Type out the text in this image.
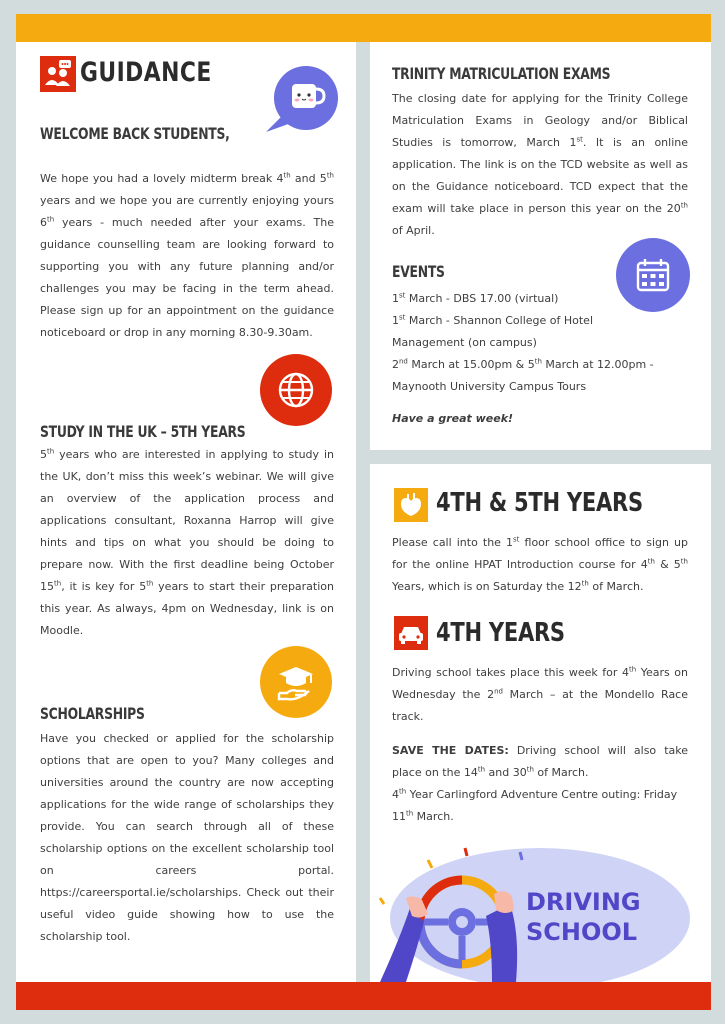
GUIDANCE
WELCOME BACK STUDENTS,
We hope you had a lovely midterm break 4th and 5th years and we hope you are currently enjoying yours 6th years - much needed after your exams. The guidance counselling team are looking forward to supporting you with any future planning and/or challenges you may be facing in the term ahead. Please sign up for an appointment on the guidance noticeboard or drop in any morning 8.30-9.30am.
STUDY IN THE UK – 5TH YEARS
5th years who are interested in applying to study in the UK, don’t miss this week’s webinar. We will give an overview of the application process and applications consultant, Roxanna Harrop will give hints and tips on what you should be doing to prepare now. With the first deadline being October 15th, it is key for 5th years to start their preparation this year. As always, 4pm on Wednesday, link is on Moodle.
SCHOLARSHIPS
Have you checked or applied for the scholarship options that are open to you? Many colleges and universities around the country are now accepting applications for the wide range of scholarships they provide. You can search through all of these scholarship options on the excellent scholarship tool on careers portal. https://careersportal.ie/scholarships. Check out their useful video guide showing how to use the scholarship tool.
TRINITY MATRICULATION EXAMS
The closing date for applying for the Trinity College Matriculation Exams in Geology and/or Biblical Studies is tomorrow, March 1st. It is an online application. The link is on the TCD website as well as on the Guidance noticeboard. TCD expect that the exam will take place in person this year on the 20th of April.
EVENTS
1st March - DBS 17.00 (virtual)
1st March - Shannon College of Hotel Management (on campus)
2nd March at 15.00pm & 5th March at 12.00pm - Maynooth University Campus Tours
Have a great week!
4TH & 5TH YEARS
Please call into the 1st floor school office to sign up for the online HPAT Introduction course for 4th & 5th Years, which is on Saturday the 12th of March.
4TH YEARS
Driving school takes place this week for 4th Years on Wednesday the 2nd March – at the Mondello Race track.
SAVE THE DATES: Driving school will also take place on the 14th and 30th of March.
4th Year Carlingford Adventure Centre outing: Friday 11th March.
DRIVING
SCHOOL
